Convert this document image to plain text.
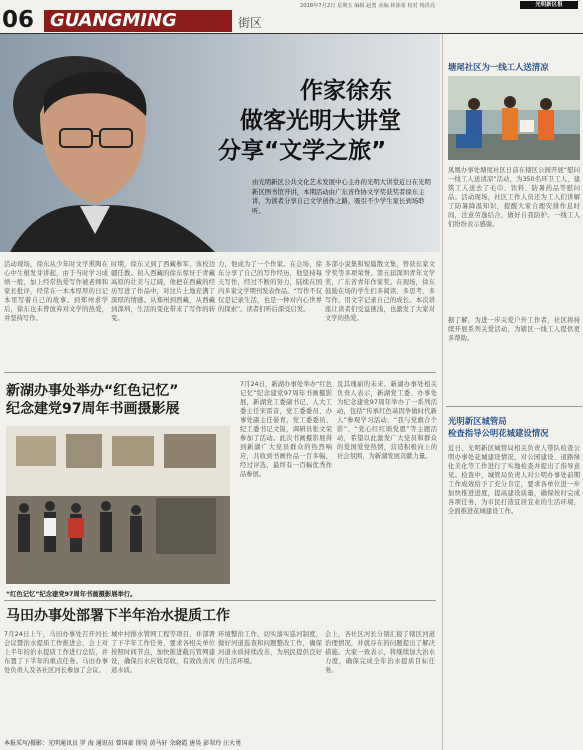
2018年7月2日 星期五 编辑 赵勇 美编 林泳希 校对 杨洪亮	光明新区报
06 GUANGMING	街区
作家徐东
做客光明大讲堂
分享“文学之旅”
由光明新区公共文化艺术发展中心主办的光明大讲堂近日在光明新区图书馆开讲，本期活动由广东省作协文学奖获奖者徐东主讲，为读者分享自己文学创作之路，吸引不少学生家长到场聆听。
活动现场，徐东从少年时文学熏陶在心中生根发芽讲起，由于当时学习成绩一般，加上经常热爱写作被老师和家长批评，经常在一本本厚厚的日记本里写着自己的故事。到郑州求学后，徐东也未曾放弃对文学的热爱，并坚持写作。
时期，徐东又到了西藏参军，该校边疆任教。初入西藏的徐东惊讶于青藏高原的壮美与辽阔，他把在西藏的经历写进了作品中，对这片土地充满了深厚的情感。从郑州到西藏，从西藏到深圳，生活的变化带来了写作的转变。
力，他成为了一个作家。在会场，徐东分享了自己的写作经历，他坚持每天写作，经过不断的努力，陆续在国内多家文学期刊发表作品。“写作不仅仅是记录生活，也是一种对内心世界的探索”。读者们听后深受启发。
多部小说集和短篇散文集，曾获东家文学奖等多项荣誉。第五届深圳青年文学奖，广东省青年作家奖。在现场，徐东鼓励在场的学生们多阅读、多思考、多写作，用文字记录自己的成长。本次讲座让读者们受益匪浅，也激发了大家对文学的热爱。
新湖办事处举办“红色记忆”
纪念建党97周年书画摄影展
“红色记忆”纪念建党97周年书画摄影展举行。
7月24日，新湖办事处举办“红色记忆”纪念建党97周年书画摄影展，新湖党工委副书记、人大工委主任宋雷音，党工委委员、办事处副主任晏青，党工委委员、纪工委书记文锐，调研员张文荣参加了活动。此次书画摄影展得到新湖广大党员群众的热烈响应，共收到书画作品一百多幅，经过评选，最终有一百幅优秀作品参展。
及其瑰丽的未来。新湖办事处相关负责人表示，新湖党工委、办事处为纪念建党97周年举办了一系列活动，包括“传承红色基因争做时代新人”参观学习活动、“我与党旗合个影”、“党心红红颂党恩”等主题活动，希望以此激发广大党员和群众的爱国爱党热情，营造积极向上的社会氛围，为新湖发展贡献力量。
马田办事处部署下半年治水提质工作
7月24日上午，马田办事处召开河长会议暨治水提质工作推进会，会上对上半年的治水提质工作进行总结，并布置了下半年的重点任务。马田办事处负责人及各社区河长参加了会议。
城中村排水管网工程等项目，并部署了下半年工作任务，要求各相关单位按照时间节点，加快推进截污管网建设，确保污水应收尽收，有效改善河道水质。
环境整治工作，切实落实巡河制度，做好河道巡查和问题整改工作，确保河道水质持续改善，为居民提供良好的生活环境。
会上，各社区河长分别汇报了辖区河道治理情况，并就存在的问题提出了解决措施。大家一致表示，将继续加大治水力度，确保完成全年治水提质目标任务。
本报采写/摄影：光明通讯员 罗 海 通讯员 曾国豪 徐昊 黄马轩 余晓霞 唐昊 彭翠玲 汪火勇
塘尾社区为一线工人送清凉
凤凰办事处塘尾社区日前在辖区公园开展“慰问一线工人送清凉”活动，为350名环卫工人、建筑工人送去了毛巾、饮料、防暑药品等慰问品。活动现场，社区工作人员还为工人们讲解了防暑降温知识，提醒大家合理安排作息时间，注意劳逸结合，做好自我防护。一线工人们纷纷表示感谢。
据了解，为进一步关爱户外工作者，社区将持续开展系列关爱活动，为辖区一线工人提供更多帮助。
光明新区城管局
检查指导公明花城建设情况
近日，光明新区城管局相关负责人带队检查公明办事处花城建设情况，对公园建设、道路绿化美化等工作进行了实地检查并提出了指导意见。检查中，城管局负责人对公明办事处前期工作成效给予了充分肯定，要求各单位进一步加快推进进度，提高建设质量，确保按时完成各项任务，为市民打造宜居宜业的生活环境，全面推进花城建设工作。
